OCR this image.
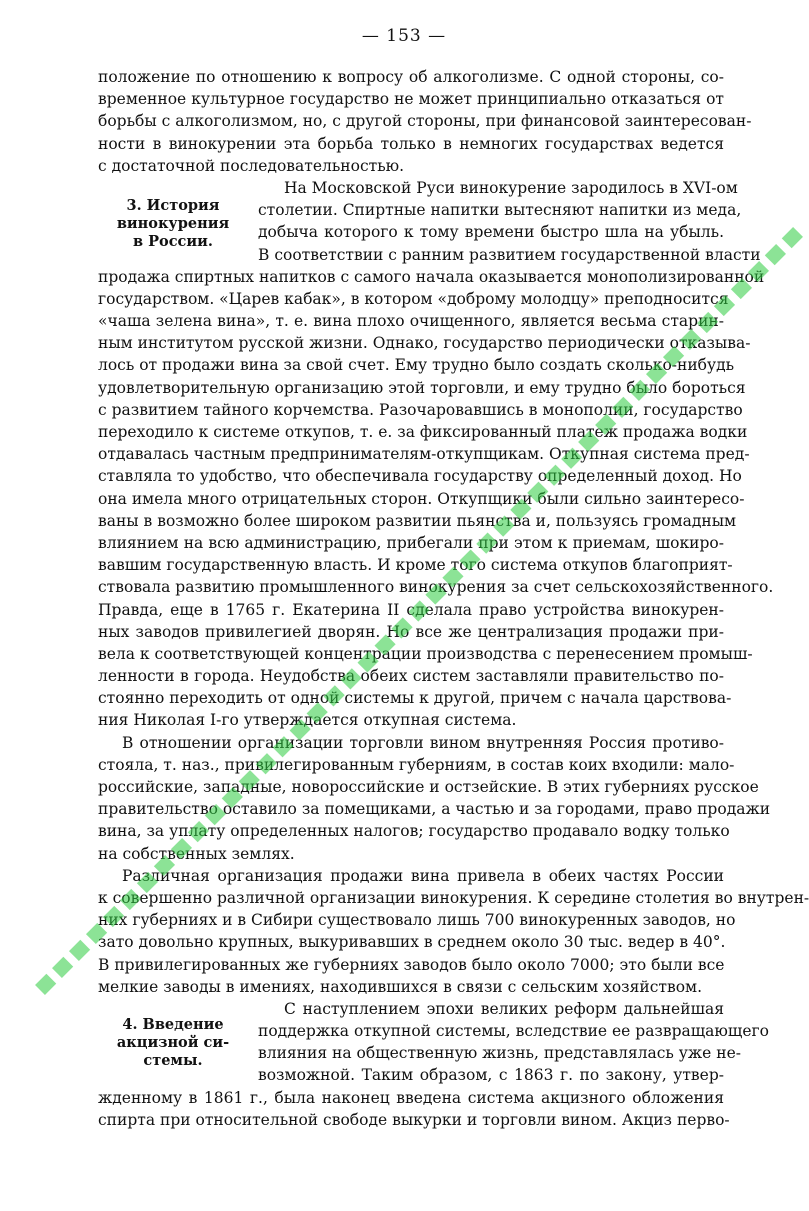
— 153 —
положение по отношению к вопросу об алкоголизме. С одной стороны, со-
временное культурное государство не может принципиально отказаться от
борьбы с алкоголизмом, но, с другой стороны, при финансовой заинтересован-
ности в винокурении эта борьба только в немногих государствах ведется
с достаточной последовательностью.
3. История
винокурения
в России.
На Московской Руси винокурение зародилось в XVI-ом
столетии. Спиртные напитки вытесняют напитки из меда,
добыча которого к тому времени быстро шла на убыль.
В соответствии с ранним развитием государственной власти
продажа спиртных напитков с самого начала оказывается монополизированной
государством. «Царев кабак», в котором «доброму молодцу» преподносится
«чаша зелена вина», т. е. вина плохо очищенного, является весьма старин-
ным институтом русской жизни. Однако, государство периодически отказыва-
лось от продажи вина за свой счет. Ему трудно было создать сколько-нибудь
удовлетворительную организацию этой торговли, и ему трудно было бороться
с развитием тайного корчемства. Разочаровавшись в монополии, государство
переходило к системе откупов, т. е. за фиксированный платеж продажа водки
отдавалась частным предпринимателям-откупщикам. Откупная система пред-
ставляла то удобство, что обеспечивала государству определенный доход. Но
она имела много отрицательных сторон. Откупщики были сильно заинтересо-
ваны в возможно более широком развитии пьянства и, пользуясь громадным
влиянием на всю администрацию, прибегали при этом к приемам, шокиро-
вавшим государственную власть. И кроме того система откупов благоприят-
ствовала развитию промышленного винокурения за счет сельскохозяйственного.
Правда, еще в 1765 г. Екатерина II сделала право устройства винокурен-
ных заводов привилегией дворян. Но все же централизация продажи при-
вела к соответствующей концентрации производства с перенесением промыш-
ленности в города. Неудобства обеих систем заставляли правительство по-
стоянно переходить от одной системы к другой, причем с начала царствова-
ния Николая I-го утверждается откупная система.
В отношении организации торговли вином внутренняя Россия противо-
стояла, т. наз., привилегированным губерниям, в состав коих входили: мало-
российские, западные, новороссийские и остзейские. В этих губерниях русское
правительство оставило за помещиками, а частью и за городами, право продажи
вина, за уплату определенных налогов; государство продавало водку только
на собственных землях.
Различная организация продажи вина привела в обеих частях России
к совершенно различной организации винокурения. К середине столетия во внутрен-
них губерниях и в Сибири существовало лишь 700 винокуренных заводов, но
зато довольно крупных, выкуривавших в среднем около 30 тыс. ведер в 40°.
В привилегированных же губерниях заводов было около 7000; это были все
мелкие заводы в имениях, находившихся в связи с сельским хозяйством.
4. Введение
акцизной си-
стемы.
С наступлением эпохи великих реформ дальнейшая
поддержка откупной системы, вследствие ее развращающего
влияния на общественную жизнь, представлялась уже не-
возможной. Таким образом, с 1863 г. по закону, утвер-
жденному в 1861 г., была наконец введена система акцизного обложения
спирта при относительной свободе выкурки и торговли вином. Акциз перво-
